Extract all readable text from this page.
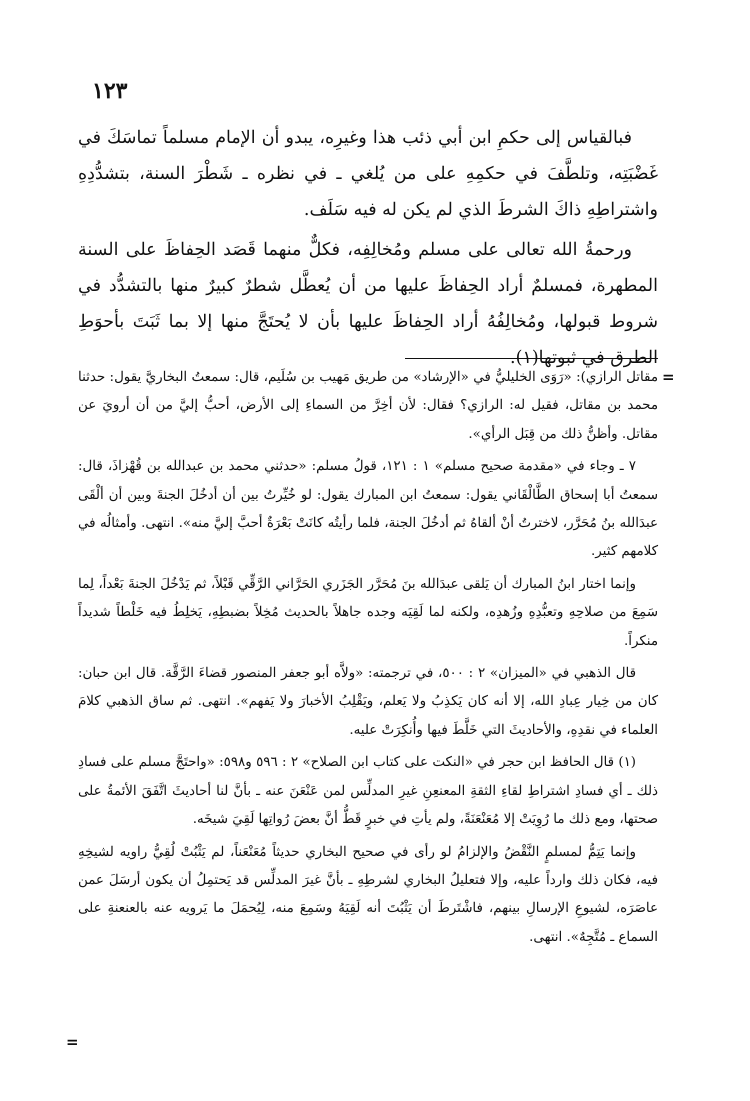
١٢٣

فبالقياس إلى حكمِ ابن أبي ذئب هذا وغيرِه، يبدو أن الإمام مسلماً تماسَكَ في غَضْبَتِه، وتلطَّفَ في حكمِهِ على من يُلغي ـ في نظره ـ شَطْرَ السنة، بتشدُّدِهِ واشتراطِهِ ذاكَ الشرطَ الذي لم يكن له فيه سَلَف.

ورحمةُ الله تعالى على مسلم ومُخالِفِه، فكلٌّ منهما قَصَد الحِفاظَ على السنة المطهرة، فمسلمٌ أراد الحِفاظَ عليها من أن يُعطَّل شطرٌ كبيرٌ منها بالتشدُّد في شروط قبولها، ومُخالِفُهُ أراد الحِفاظَ عليها بأن لا يُحتَجَّ منها إلا بما ثَبَتَ بأحوَطِ الطرق في ثبوتها(١).

=

مقاتل الرازي): «رَوَى الخليليُّ في «الإرشاد» من طريق مَهيب بن سُلَيم، قال: سمعتُ البخاريَّ يقول: حدثنا محمد بن مقاتل، فقيل له: الرازي؟ فقال: لأن أخِرَّ من السماءِ إلى الأرض، أحبُّ إليَّ من أن أرويَ عن مقاتل. وأظنُّ ذلك من قِبَل الرأي».

٧ ـ وجاء في «مقدمة صحيح مسلم» ١ : ١٢١، قولُ مسلم: «حدثني محمد بن عبدالله بن قُهْزاذَ، قال: سمعتُ أبا إسحاق الطَّالْقَاني يقول: سمعتُ ابن المبارك يقول: لو خُيِّرتُ بين أن أدخُلَ الجنةَ وبين أن ألْقَى عبدَالله بنُ مُحَرَّر، لاخترتُ أنْ ألقاهُ ثم أدخُلَ الجنة، فلما رأيتُه كانَتْ بَعْرَةٌ أحبَّ إليَّ منه». انتهى. وأمثالُه في كلامهم كثير.

وإنما اختار ابنُ المبارك أن يَلقى عبدَالله بنَ مُحَرَّر الجَزَري الحَرَّاني الرَّقِّي قَبْلاً، ثم يَدْخُلَ الجنةَ بَعْداً، لِما سَمِعَ من صلاحِهِ وتعبُّدِهِ وزُهدِه، ولكنه لما لَقِيَه وجده جاهلاً بالحديث مُخِلاً بضبطِهِ، يَخلِطُ فيه خَلْطاً شديداً منكراً.

قال الذهبي في «الميزان» ٢ : ٥٠٠، في ترجمته: «ولاَّه أبو جعفر المنصور قضاءَ الرَّقَّة. قال ابن حبان: كان من خِيار عِبادِ الله، إلا أنه كان يَكذِبُ ولا يَعلم، ويَقْلِبُ الأخبارَ ولا يَفهم». انتهى. ثم ساق الذهبي كلامَ العلماء في نقدِهِ، والأحاديثَ التي خَلَّطَ فيها وأُنكِرَتْ عليه.

(١) قال الحافظ ابن حجر في «النكت على كتاب ابن الصلاح» ٢ : ٥٩٦ و٥٩٨: «واحتَجَّ مسلم على فسادِ ذلك ـ أي فسادِ اشتراطِ لقاءِ الثقةِ المعنعِنِ غيرِ المدلِّس لمن عَنْعَنَ عنه ـ بأنَّ لنا أحاديثَ اتَّفَقَ الأئمةُ على صحتها، ومع ذلك ما رُوِيَتْ إلا مُعَنْعَنَةً، ولم يأتِ في خبرٍ قَطُّ أنَّ بعضَ رُواتِها لَقِيَ شيخَه.

وإنما يَتِمُّ لمسلمٍ النَّقْضُ والإلزامُ لو رأى في صحيح البخاري حديثاً مُعَنْعَناً، لم يَثْبُتْ لُقِيُّ راويه لشيخِهِ فيه، فكان ذلك وارداً عليه، وإلا فتعليلُ البخاري لشرطِهِ ـ بأنَّ غيرَ المدلِّس قد يَحتمِلُ أن يكون أرسَلَ عمن عاصَرَه، لشيوعِ الإرسالِ بينهم، فاشْتَرطَ أن يَثْبُتَ أنه لَقِيَهُ وسَمِعَ منه، لِيُحمَلَ ما يَرويه عنه بالعنعنةِ على السماع ـ مُتَّجِهٌ». انتهى.

=
